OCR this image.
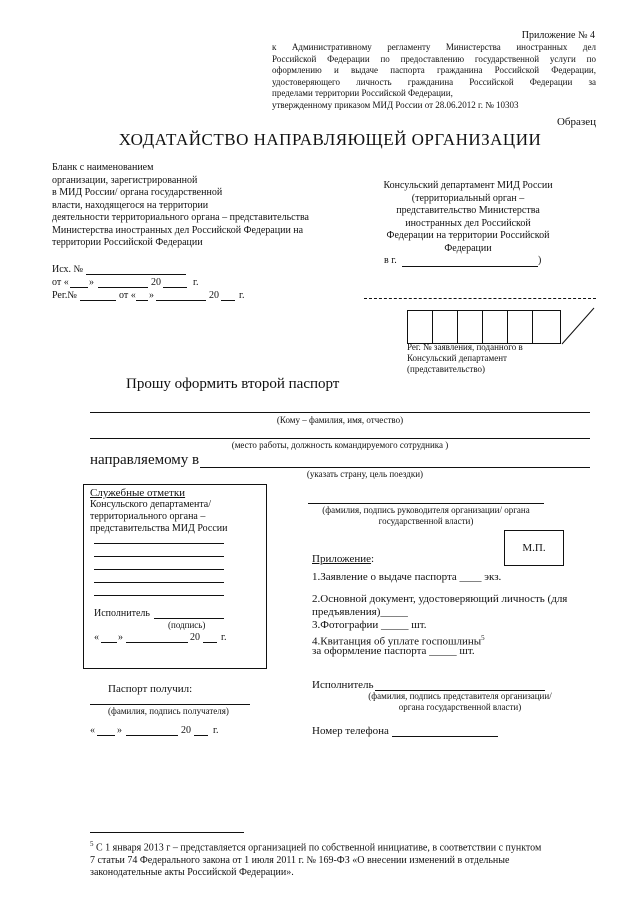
Приложение № 4
к Административному регламенту Министерства иностранных дел
Российской Федерации по предоставлению государственной услуги по
оформлению и выдаче паспорта гражданина Российской Федерации,
удостоверяющего личность гражданина Российской Федерации за
пределами территории Российской Федерации,
утвержденному приказом МИД России от 28.06.2012 г. № 10303
Образец
ХОДАТАЙСТВО НАПРАВЛЯЮЩЕЙ ОРГАНИЗАЦИИ
Бланк с наименованием
организации, зарегистрированной
в МИД России/ органа государственной
власти, находящегося на территории
деятельности территориального органа – представительства
Министерства иностранных дел Российской Федерации на
территории Российской Федерации
Консульский департамент МИД России
(территориальный орган –
представительство Министерства
иностранных дел Российской
Федерации на территории Российской
Федерации
в г.	)
Исх. №
от « »	20	г.
Рег.№	от « »	20 г.
Рег. № заявления, поданного в
Консульский департамент
(представительство)
Прошу оформить второй паспорт
(Кому – фамилия, имя, отчество)
(место работы, должность командируемого сотрудника )
направляемому в
(указать страну, цель поездки)
Служебные отметки
Консульского департамента/
территориального органа –
представительства МИД России
Исполнитель
(подпись)
« »	20 г.
(фамилия, подпись руководителя организации/ органа
государственной власти)
М.П.
Приложение:
1.Заявление о выдаче паспорта ____ экз.
2.Основной документ, удостоверяющий личность (для
предъявления)_____
3.Фотографии _____ шт.
4.Квитанция об уплате госпошлины$^5$
за оформление паспорта _____ шт.
Паспорт получил:
(фамилия, подпись получателя)
« »	20 г.
Исполнитель
(фамилия, подпись представителя организации/
органа государственной власти)
Номер телефона
$^5$ С 1 января 2013 г – представляется организацией по собственной инициативе, в соответствии с пунктом
7 статьи 74 Федерального закона от 1 июля 2011 г. № 169-ФЗ «О внесении изменений в отдельные
законодательные акты Российской Федерации».
